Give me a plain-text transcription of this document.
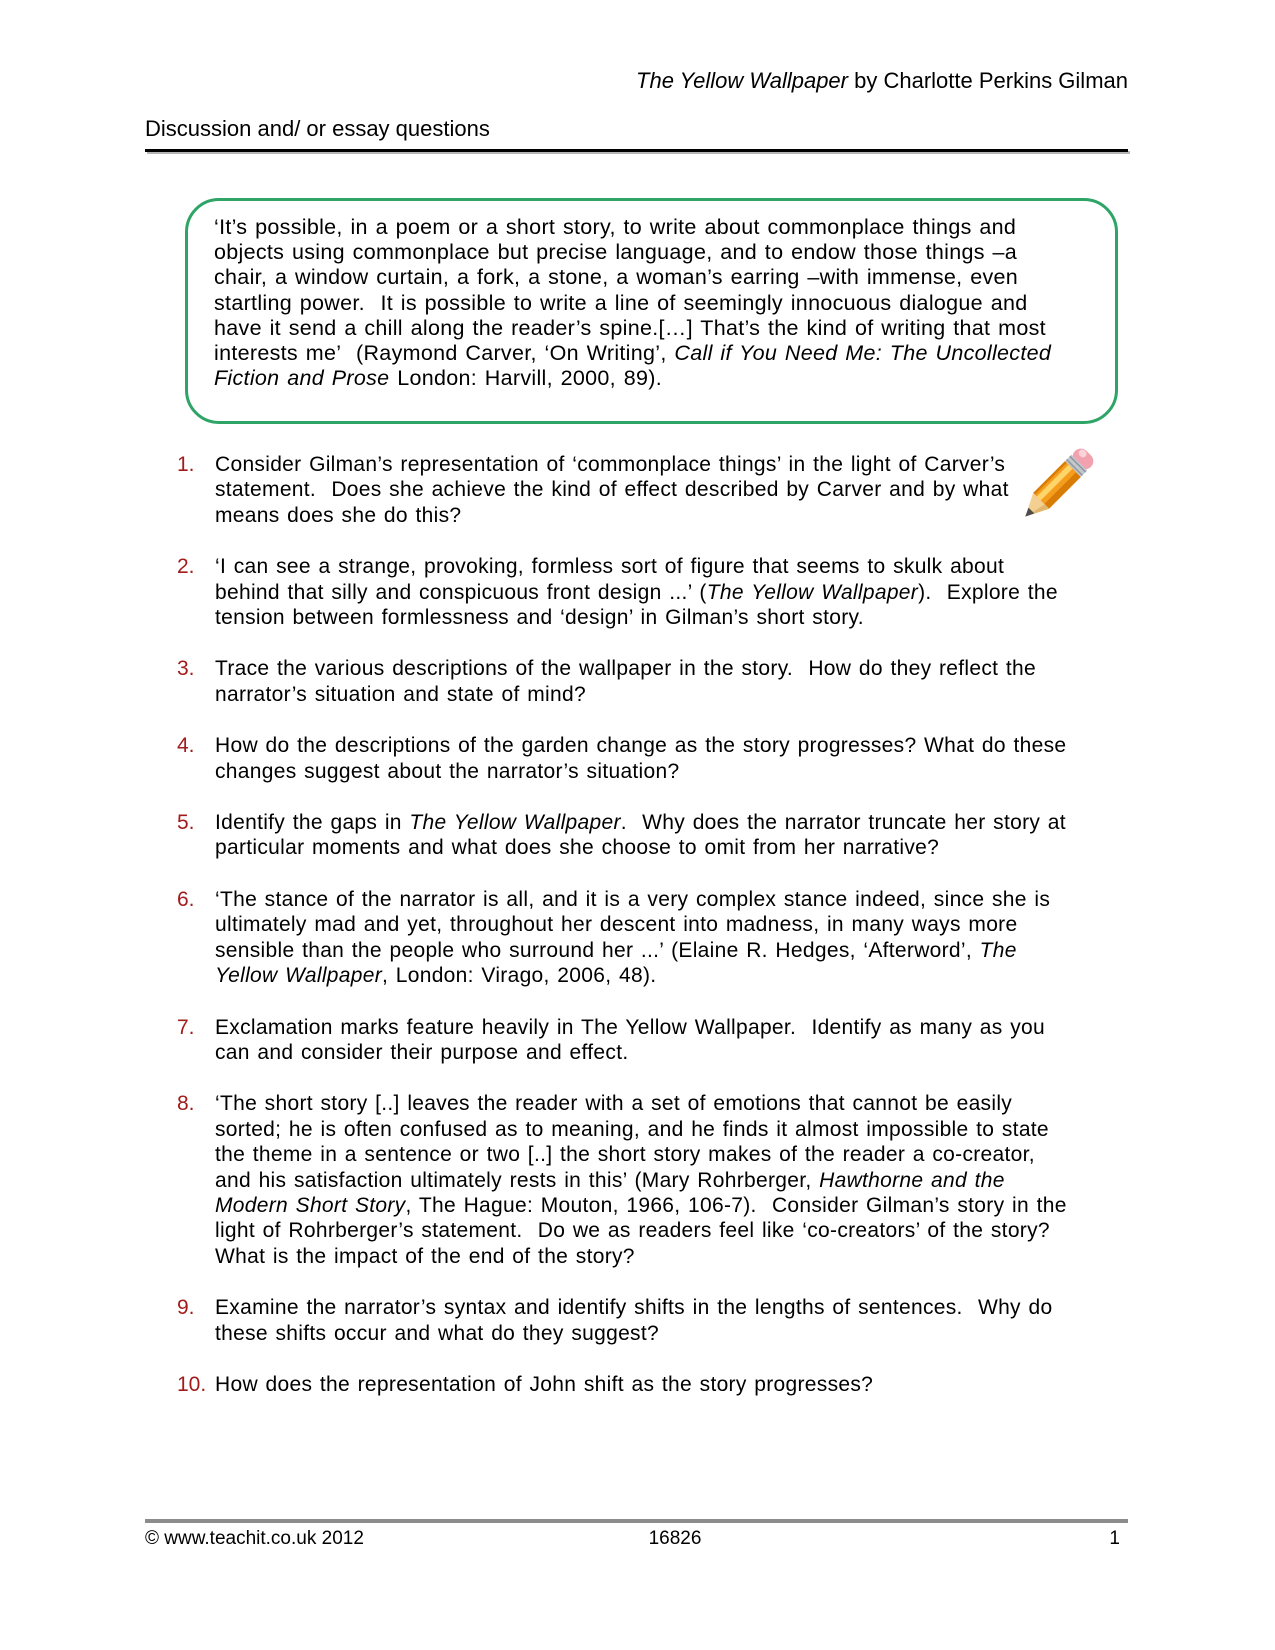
The Yellow Wallpaper by Charlotte Perkins Gilman
Discussion and/ or essay questions
‘It’s possible, in a poem or a short story, to write about commonplace things and objects using commonplace but precise language, and to endow those things –a chair, a window curtain, a fork, a stone, a woman’s earring –with immense, even startling power.  It is possible to write a line of seemingly innocuous dialogue and have it send a chill along the reader’s spine.[…] That’s the kind of writing that most interests me’  (Raymond Carver, ‘On Writing’, Call if You Need Me: The Uncollected Fiction and Prose London: Harvill, 2000, 89).
1. Consider Gilman’s representation of ‘commonplace things’ in the light of Carver’s statement.  Does she achieve the kind of effect described by Carver and by what means does she do this?
2. ‘I can see a strange, provoking, formless sort of figure that seems to skulk about behind that silly and conspicuous front design ...’ (The Yellow Wallpaper).  Explore the tension between formlessness and ‘design’ in Gilman’s short story.
3. Trace the various descriptions of the wallpaper in the story.  How do they reflect the narrator’s situation and state of mind?
4. How do the descriptions of the garden change as the story progresses? What do these changes suggest about the narrator’s situation?
5. Identify the gaps in The Yellow Wallpaper.  Why does the narrator truncate her story at particular moments and what does she choose to omit from her narrative?
6. ‘The stance of the narrator is all, and it is a very complex stance indeed, since she is ultimately mad and yet, throughout her descent into madness, in many ways more sensible than the people who surround her ...’ (Elaine R. Hedges, ‘Afterword’, The Yellow Wallpaper, London: Virago, 2006, 48).
7. Exclamation marks feature heavily in The Yellow Wallpaper.  Identify as many as you can and consider their purpose and effect.
8. ‘The short story [..] leaves the reader with a set of emotions that cannot be easily sorted; he is often confused as to meaning, and he finds it almost impossible to state the theme in a sentence or two [..] the short story makes of the reader a co-creator, and his satisfaction ultimately rests in this’ (Mary Rohrberger, Hawthorne and the Modern Short Story, The Hague: Mouton, 1966, 106-7).  Consider Gilman’s story in the light of Rohrberger’s statement.  Do we as readers feel like ‘co-creators’ of the story? What is the impact of the end of the story?
9. Examine the narrator’s syntax and identify shifts in the lengths of sentences.  Why do these shifts occur and what do they suggest?
10. How does the representation of John shift as the story progresses?
© www.teachit.co.uk 2012	16826	1
